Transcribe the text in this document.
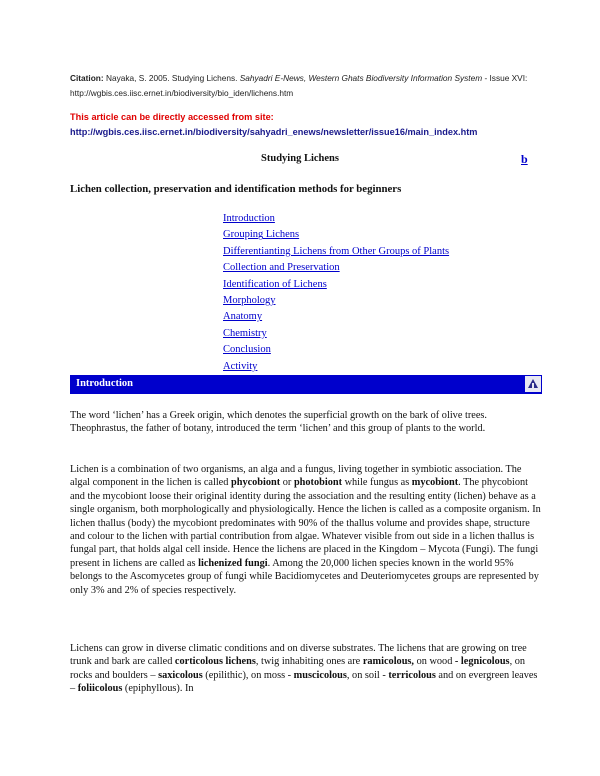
Citation: Nayaka, S. 2005. Studying Lichens. Sahyadri E-News, Western Ghats Biodiversity Information System - Issue XVI: http://wgbis.ces.iisc.ernet.in/biodiversity/bio_iden/lichens.htm
This article can be directly accessed from site:
http://wgbis.ces.iisc.ernet.in/biodiversity/sahyadri_enews/newsletter/issue16/main_index.htm
Studying Lichens	b
Lichen collection, preservation and identification methods for beginners
Introduction
Grouping Lichens
Differentianting Lichens from Other Groups of Plants
Collection and Preservation
Identification of Lichens
Morphology
Anatomy
Chemistry
Conclusion
Activity
Introduction

The word ‘lichen’ has a Greek origin, which denotes the superficial growth on the bark of olive trees. Theophrastus, the father of botany, introduced the term ‘lichen’ and this group of plants to the world.

Lichen is a combination of two organisms, an alga and a fungus, living together in symbiotic association. The algal component in the lichen is called phycobiont or photobiont while fungus as mycobiont. The phycobiont and the mycobiont loose their original identity during the association and the resulting entity (lichen) behave as a single organism, both morphologically and physiologically. Hence the lichen is called as a composite organism. In lichen thallus (body) the mycobiont predominates with 90% of the thallus volume and provides shape, structure and colour to the lichen with partial contribution from algae. Whatever visible from out side in a lichen thallus is fungal part, that holds algal cell inside. Hence the lichens are placed in the Kingdom – Mycota (Fungi). The fungi present in lichens are called as lichenized fungi. Among the 20,000 lichen species known in the world 95% belongs to the Ascomycetes group of fungi while Bacidiomycetes and Deuteriomycetes groups are represented by only 3% and 2% of species respectively.

Lichens can grow in diverse climatic conditions and on diverse substrates. The lichens that are growing on tree trunk and bark are called corticolous lichens, twig inhabiting ones are ramicolous, on wood - legnicolous, on rocks and boulders – saxicolous (epilithic), on moss - muscicolous, on soil - terricolous and on evergreen leaves – foliicolous (epiphyllous). In
